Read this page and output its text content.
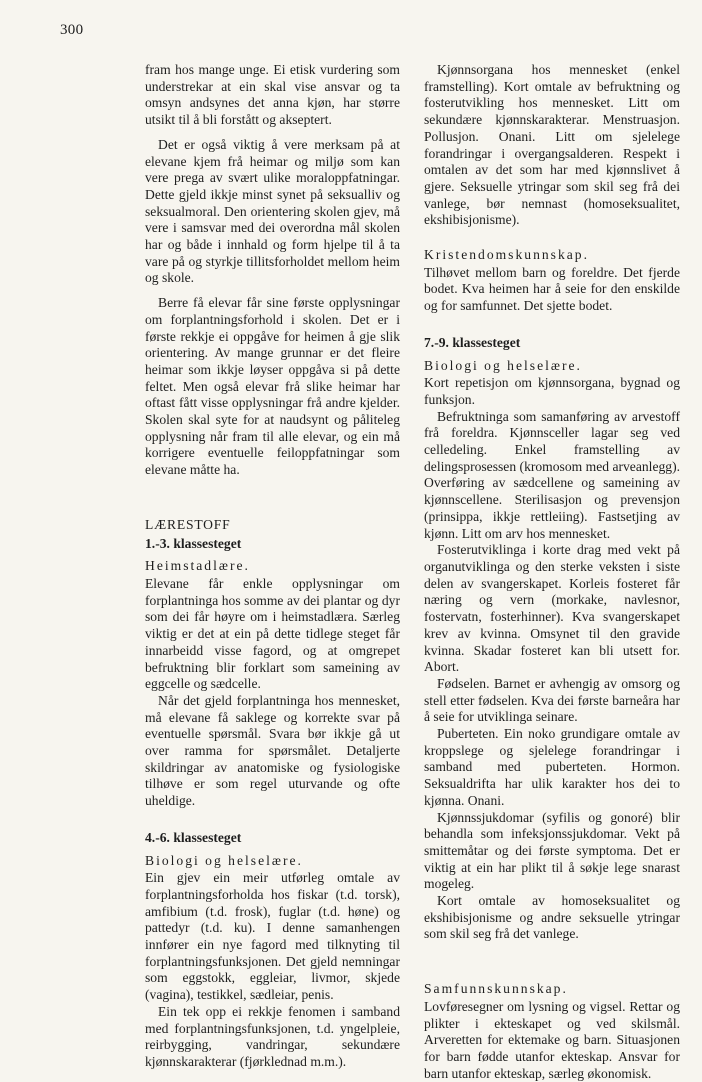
300

fram hos mange unge. Ei etisk vurdering som understrekar at ein skal vise ansvar og ta omsyn andsynes det anna kjøn, har større utsikt til å bli forstått og akseptert.

Det er også viktig å vere merksam på at elevane kjem frå heimar og miljø som kan vere prega av svært ulike moraloppfatningar. Dette gjeld ikkje minst synet på seksualliv og seksualmoral. Den orientering skolen gjev, må vere i samsvar med dei overordna mål skolen har og både i innhald og form hjelpe til å ta vare på og styrkje tillitsforholdet mellom heim og skole.

Berre få elevar får sine første opplysningar om forplantningsforhold i skolen. Det er i første rekkje ei oppgåve for heimen å gje slik orientering. Av mange grunnar er det fleire heimar som ikkje løyser oppgåva si på dette feltet. Men også elevar frå slike heimar har oftast fått visse opplysningar frå andre kjelder. Skolen skal syte for at naudsynt og påliteleg opplysning når fram til alle elevar, og ein må korrigere eventuelle feiloppfatningar som elevane måtte ha.

LÆRESTOFF
1.-3. klassesteget
Heimstadlære.

Elevane får enkle opplysningar om forplantninga hos somme av dei plantar og dyr som dei får høyre om i heimstadlæra. Særleg viktig er det at ein på dette tidlege steget får innarbeidd visse fagord, og at omgrepet befruktning blir forklart som sameining av eggcelle og sædcelle.

Når det gjeld forplantninga hos mennesket, må elevane få saklege og korrekte svar på eventuelle spørsmål. Svara bør ikkje gå ut over ramma for spørsmålet. Detaljerte skildringar av anatomiske og fysiologiske tilhøve er som regel uturvande og ofte uheldige.

4.-6. klassesteget
Biologi og helselære.

Ein gjev ein meir utførleg omtale av forplantningsforholda hos fiskar (t.d. torsk), amfibium (t.d. frosk), fuglar (t.d. høne) og pattedyr (t.d. ku). I denne samanhengen innfører ein nye fagord med tilknyting til forplantningsfunksjonen. Det gjeld nemningar som eggstokk, eggleiar, livmor, skjede (vagina), testikkel, sædleiar, penis.

Ein tek opp ei rekkje fenomen i samband med forplantningsfunksjonen, t.d. yngelpleie, reirbygging, vandringar, sekundære kjønnskarakterar (fjørklednad m.m.).

Kjønnsorgana hos mennesket (enkel framstelling). Kort omtale av befruktning og fosterutvikling hos mennesket. Litt om sekundære kjønnskarakterar. Menstruasjon. Pollusjon. Onani. Litt om sjelelege forandringar i overgangsalderen. Respekt i omtalen av det som har med kjønnslivet å gjere. Seksuelle ytringar som skil seg frå dei vanlege, bør nemnast (homoseksualitet, ekshibisjonisme).

Kristendomskunnskap.

Tilhøvet mellom barn og foreldre. Det fjerde bodet. Kva heimen har å seie for den enskilde og for samfunnet. Det sjette bodet.

7.-9. klassesteget
Biologi og helselære.

Kort repetisjon om kjønnsorgana, bygnad og funksjon.

Befruktninga som samanføring av arvestoff frå foreldra. Kjønnsceller lagar seg ved celledeling. Enkel framstelling av delingsprosessen (kromosom med arveanlegg). Overføring av sædcellene og sameining av kjønnscellene. Sterilisasjon og prevensjon (prinsippa, ikkje rettleiing). Fastsetjing av kjønn. Litt om arv hos mennesket.

Fosterutviklinga i korte drag med vekt på organutviklinga og den sterke veksten i siste delen av svangerskapet. Korleis fosteret får næring og vern (morkake, navlesnor, fostervatn, fosterhinner). Kva svangerskapet krev av kvinna. Omsynet til den gravide kvinna. Skadar fosteret kan bli utsett for. Abort.

Fødselen. Barnet er avhengig av omsorg og stell etter fødselen. Kva dei første barneåra har å seie for utviklinga seinare.

Puberteten. Ein noko grundigare omtale av kroppslege og sjelelege forandringar i samband med puberteten. Hormon. Seksualdrifta har ulik karakter hos dei to kjønna. Onani.

Kjønnssjukdomar (syfilis og gonoré) blir behandla som infeksjonssjukdomar. Vekt på smittemåtar og dei første symptoma. Det er viktig at ein har plikt til å søkje lege snarast mogeleg.

Kort omtale av homoseksualitet og ekshibisjonisme og andre seksuelle ytringar som skil seg frå det vanlege.

Samfunnskunnskap.

Lovføresegner om lysning og vigsel. Rettar og plikter i ekteskapet og ved skilsmål. Arveretten for ektemake og barn. Situasjonen for barn fødde utanfor ekteskap. Ansvar for barn utanfor ekteskap, særleg økonomisk.
